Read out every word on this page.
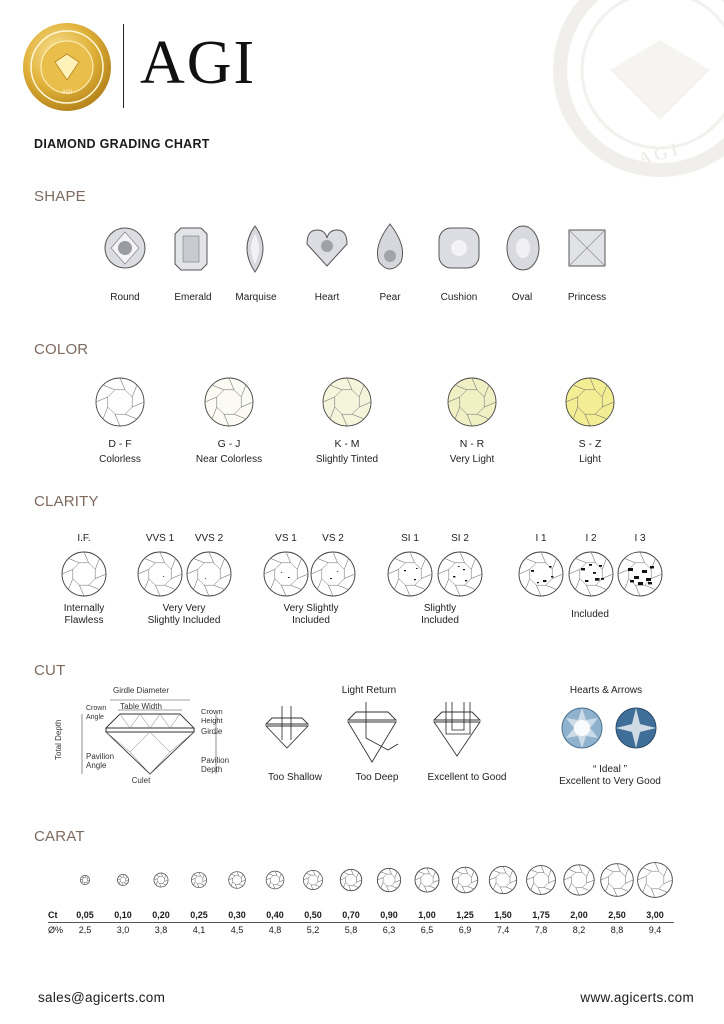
A G I
AGI AGI
DIAMOND GRADING CHART
SHAPE
Round	Emerald Marquise	Heart	Pear	Cushion	Oval	Princess
COLOR
D - F
Colorless
G - J
Near Colorless
K - M
Slightly Tinted
N - R
Very Light
S - Z
Light
CLARITY
I.F.	VVS 1 VVS 2	VS 1	VS 2	SI 1	SI 2	I 1	I 2	I 3
Internally
Flawless
Very Very
Slightly Included
Very Slightly
Included
Slightly
Included
Included
CUT
Girdle Diameter
Table Width
Crown Angle
Crown Height
Girdle
Total Depth	Pavilion Angle
Pavilion Depth
Culet
Light Return
Too Shallow	Too Deep	Excellent to Good
Hearts & Arrows
“ Ideal ”
Excellent to Very Good
CARAT
Ct	0,05	0,10	0,20	0,25	0,30	0,40	0,50	0,70	0,90	1,00	1,25	1,50	1,75	2,00	2,50	3,00
Ø%	2,5	3,0	3,8	4,1	4,5	4,8	5,2	5,8	6,3	6,5	6,9	7,4	7,8	8,2	8,8	9,4
sales@agicerts.com	www.agicerts.com
